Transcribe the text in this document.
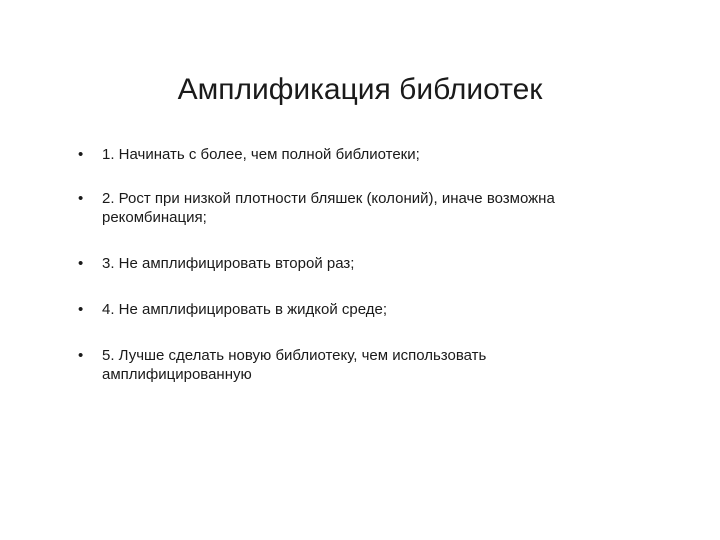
Амплификация библиотек
• 1. Начинать с более, чем полной библиотеки;
• 2. Рост при низкой плотности бляшек (колоний), иначе возможна рекомбинация;
• 3. Не амплифицировать второй раз;
• 4. Не амплифицировать в жидкой среде;
• 5. Лучше сделать новую библиотеку, чем использовать амплифицированную
